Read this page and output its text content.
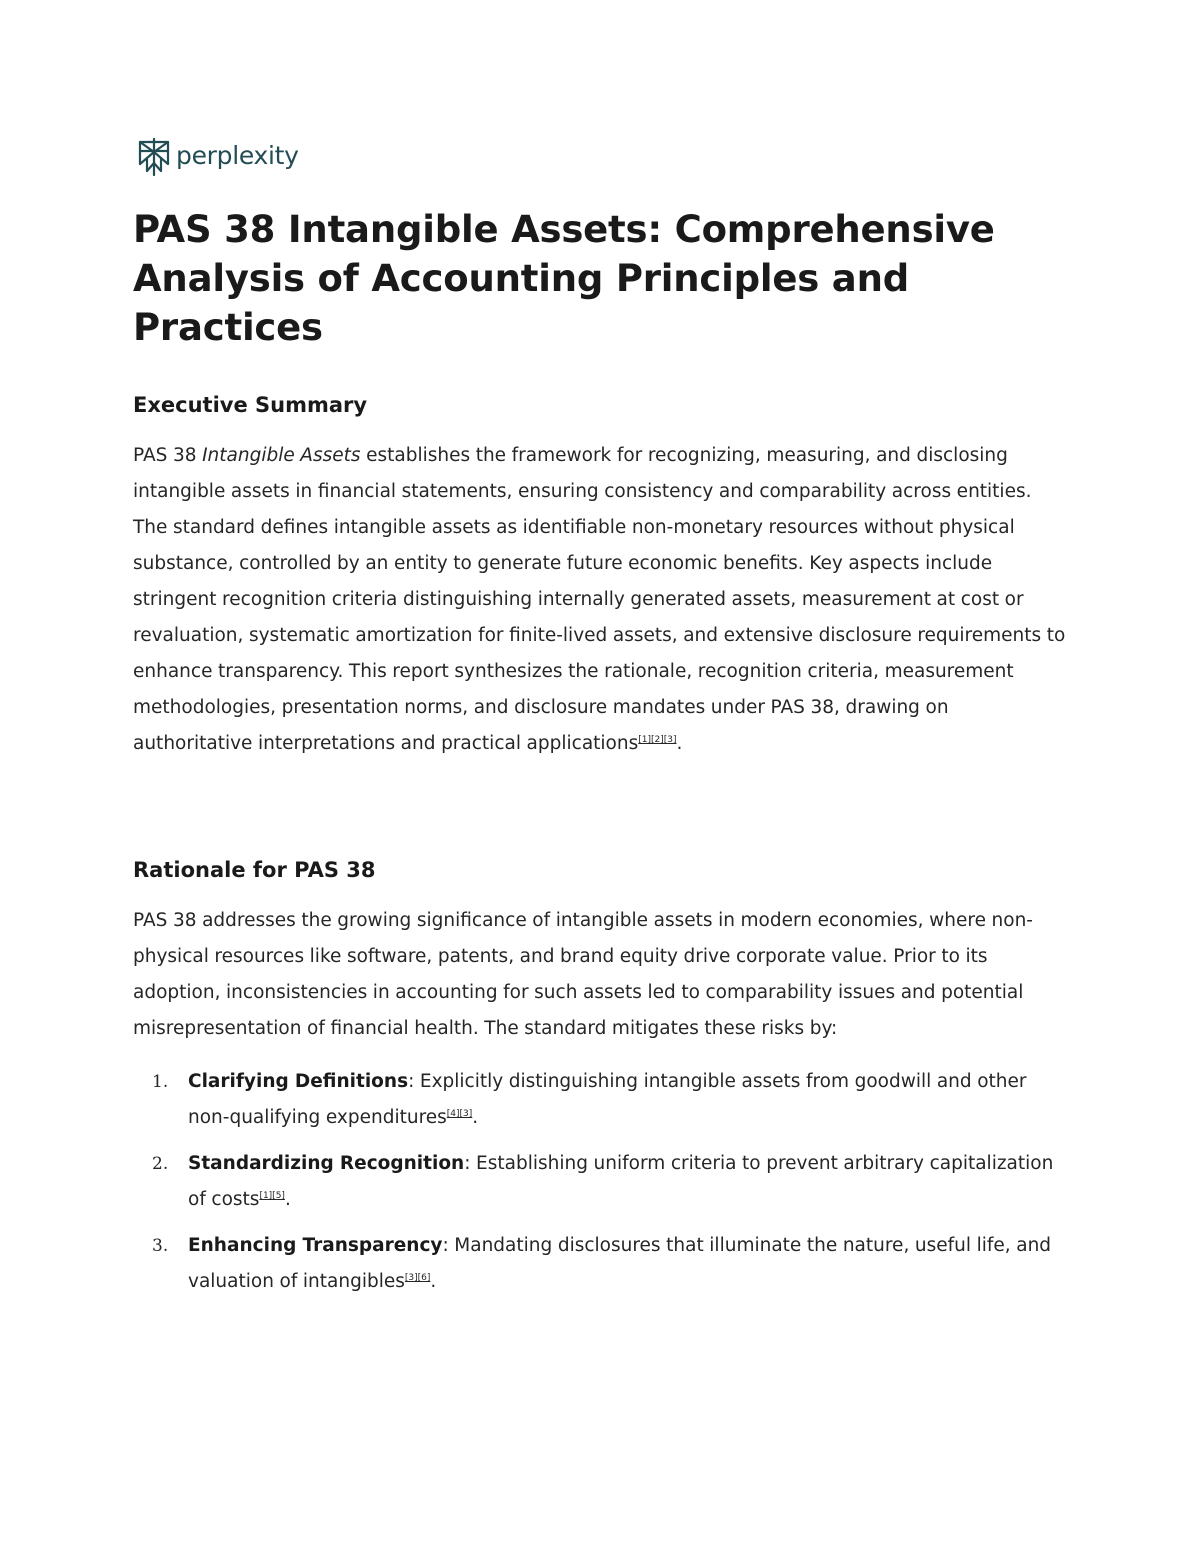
perplexity
PAS 38 Intangible Assets: Comprehensive Analysis of Accounting Principles and Practices
Executive Summary

PAS 38 Intangible Assets establishes the framework for recognizing, measuring, and disclosing intangible assets in financial statements, ensuring consistency and comparability across entities. The standard defines intangible assets as identifiable non-monetary resources without physical substance, controlled by an entity to generate future economic benefits. Key aspects include stringent recognition criteria distinguishing internally generated assets, measurement at cost or revaluation, systematic amortization for finite-lived assets, and extensive disclosure requirements to enhance transparency. This report synthesizes the rationale, recognition criteria, measurement methodologies, presentation norms, and disclosure mandates under PAS 38, drawing on authoritative interpretations and practical applications[1][2][3].

Rationale for PAS 38

PAS 38 addresses the growing significance of intangible assets in modern economies, where non-physical resources like software, patents, and brand equity drive corporate value. Prior to its adoption, inconsistencies in accounting for such assets led to comparability issues and potential misrepresentation of financial health. The standard mitigates these risks by:

1. Clarifying Definitions: Explicitly distinguishing intangible assets from goodwill and other non-qualifying expenditures[4][3].
2. Standardizing Recognition: Establishing uniform criteria to prevent arbitrary capitalization of costs[1][5].
3. Enhancing Transparency: Mandating disclosures that illuminate the nature, useful life, and valuation of intangibles[3][6].
